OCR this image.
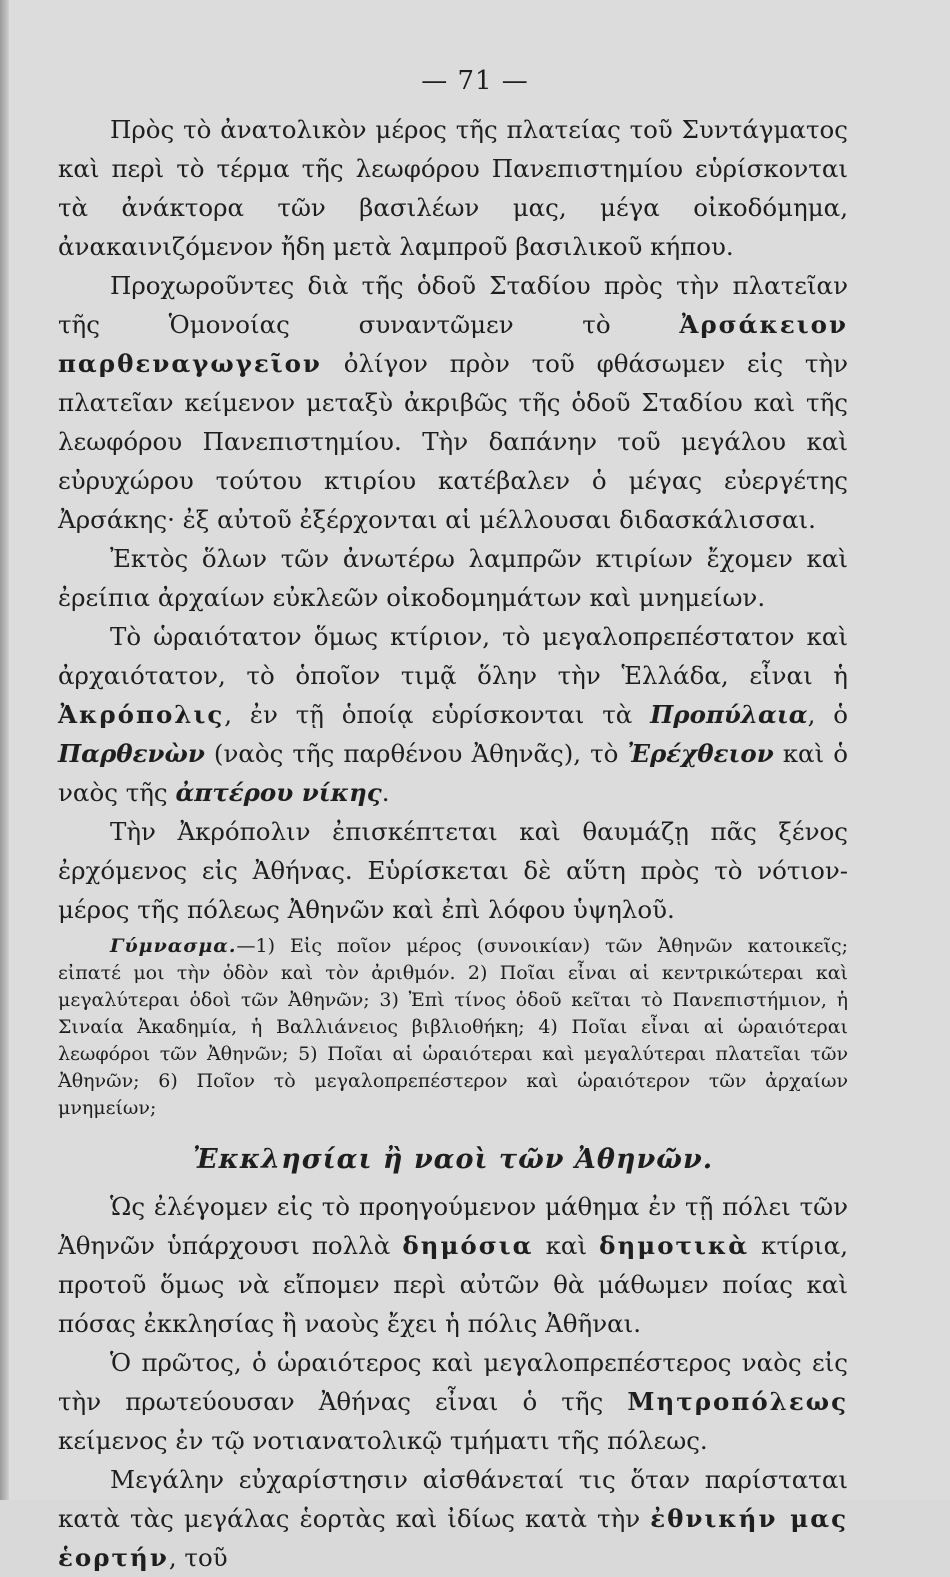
— 71 —

Πρὸς τὸ ἀνατολικὸν μέρος τῆς πλατείας τοῦ Συντάγματος καὶ περὶ τὸ τέρμα τῆς λεωφόρου Πανεπιστημίου εὑρίσκονται τὰ ἀνάκτορα τῶν βασιλέων μας, μέγα οἰκοδόμημα, ἀνακαινιζόμενον ἤδη μετὰ λαμπροῦ βασιλικοῦ κήπου.

Προχωροῦντες διὰ τῆς ὁδοῦ Σταδίου πρὸς τὴν πλατεῖαν τῆς Ὁμονοίας συναντῶμεν τὸ Ἀρσάκειον παρθεναγωγεῖον ὀλίγον πρὸν τοῦ φθάσωμεν εἰς τὴν πλατεῖαν κείμενον μεταξὺ ἀκριβῶς τῆς ὁδοῦ Σταδίου καὶ τῆς λεωφόρου Πανεπιστημίου. Τὴν δαπάνην τοῦ μεγάλου καὶ εὐρυχώρου τούτου κτιρίου κατέβαλεν ὁ μέγας εὐεργέτης Ἀρσάκης· ἐξ αὐτοῦ ἐξέρχονται αἱ μέλλουσαι διδασκάλισσαι.

Ἐκτὸς ὅλων τῶν ἀνωτέρω λαμπρῶν κτιρίων ἔχομεν καὶ ἐρείπια ἀρχαίων εὐκλεῶν οἰκοδομημάτων καὶ μνημείων.

Τὸ ὡραιότατον ὅμως κτίριον, τὸ μεγαλοπρεπέστατον καὶ ἀρχαιότατον, τὸ ὁποῖον τιμᾷ ὅλην τὴν Ἑλλάδα, εἶναι ἡ Ἀκρόπολις, ἐν τῇ ὁποίᾳ εὑρίσκονται τὰ Προπύλαια, ὁ Παρθενὼν (ναὸς τῆς παρθένου Ἀθηνᾶς), τὸ Ἐρέχθειον καὶ ὁ ναὸς τῆς ἀπτέρου νίκης.

Τὴν Ἀκρόπολιν ἐπισκέπτεται καὶ θαυμάζῃ πᾶς ξένος ἐρχόμενος εἰς Ἀθήνας. Εὑρίσκεται δὲ αὕτη πρὸς τὸ νότιον-μέρος τῆς πόλεως Ἀθηνῶν καὶ ἐπὶ λόφου ὑψηλοῦ.

Γύμνασμα.—1) Εἰς ποῖον μέρος (συνοικίαν) τῶν Ἀθηνῶν κατοικεῖς; εἰπατέ μοι τὴν ὁδὸν καὶ τὸν ἀριθμόν. 2) Ποῖαι εἶναι αἱ κεντρικώτεραι καὶ μεγαλύτεραι ὁδοὶ τῶν Ἀθηνῶν; 3) Ἐπὶ τίνος ὁδοῦ κεῖται τὸ Πανεπιστήμιον, ἡ Σιναία Ἀκαδημία, ἡ Βαλλιάνειος βιβλιοθήκη; 4) Ποῖαι εἶναι αἱ ὡραιότεραι λεωφόροι τῶν Ἀθηνῶν; 5) Ποῖαι αἱ ὡραιότεραι καὶ μεγαλύτεραι πλατεῖαι τῶν Ἀθηνῶν; 6) Ποῖον τὸ μεγαλοπρεπέστερον καὶ ὡραιότερον τῶν ἀρχαίων μνημείων;

Ἐκκλησίαι ἢ ναοὶ τῶν Ἀθηνῶν.

Ὡς ἐλέγομεν εἰς τὸ προηγούμενον μάθημα ἐν τῇ πόλει τῶν Ἀθηνῶν ὑπάρχουσι πολλὰ δημόσια καὶ δημοτικὰ κτίρια, προτοῦ ὅμως νὰ εἴπομεν περὶ αὐτῶν θὰ μάθωμεν ποίας καὶ πόσας ἐκκλησίας ἢ ναοὺς ἔχει ἡ πόλις Ἀθῆναι.

Ὁ πρῶτος, ὁ ὡραιότερος καὶ μεγαλοπρεπέστερος ναὸς εἰς τὴν πρωτεύουσαν Ἀθήνας εἶναι ὁ τῆς Μητροπόλεως κείμενος ἐν τῷ νοτιανατολικῷ τμήματι τῆς πόλεως.

Μεγάλην εὐχαρίστησιν αἰσθάνεταί τις ὅταν παρίσταται κατὰ τὰς μεγάλας ἑορτὰς καὶ ἰδίως κατὰ τὴν ἐθνικήν μας ἑορτήν, τοῦ
